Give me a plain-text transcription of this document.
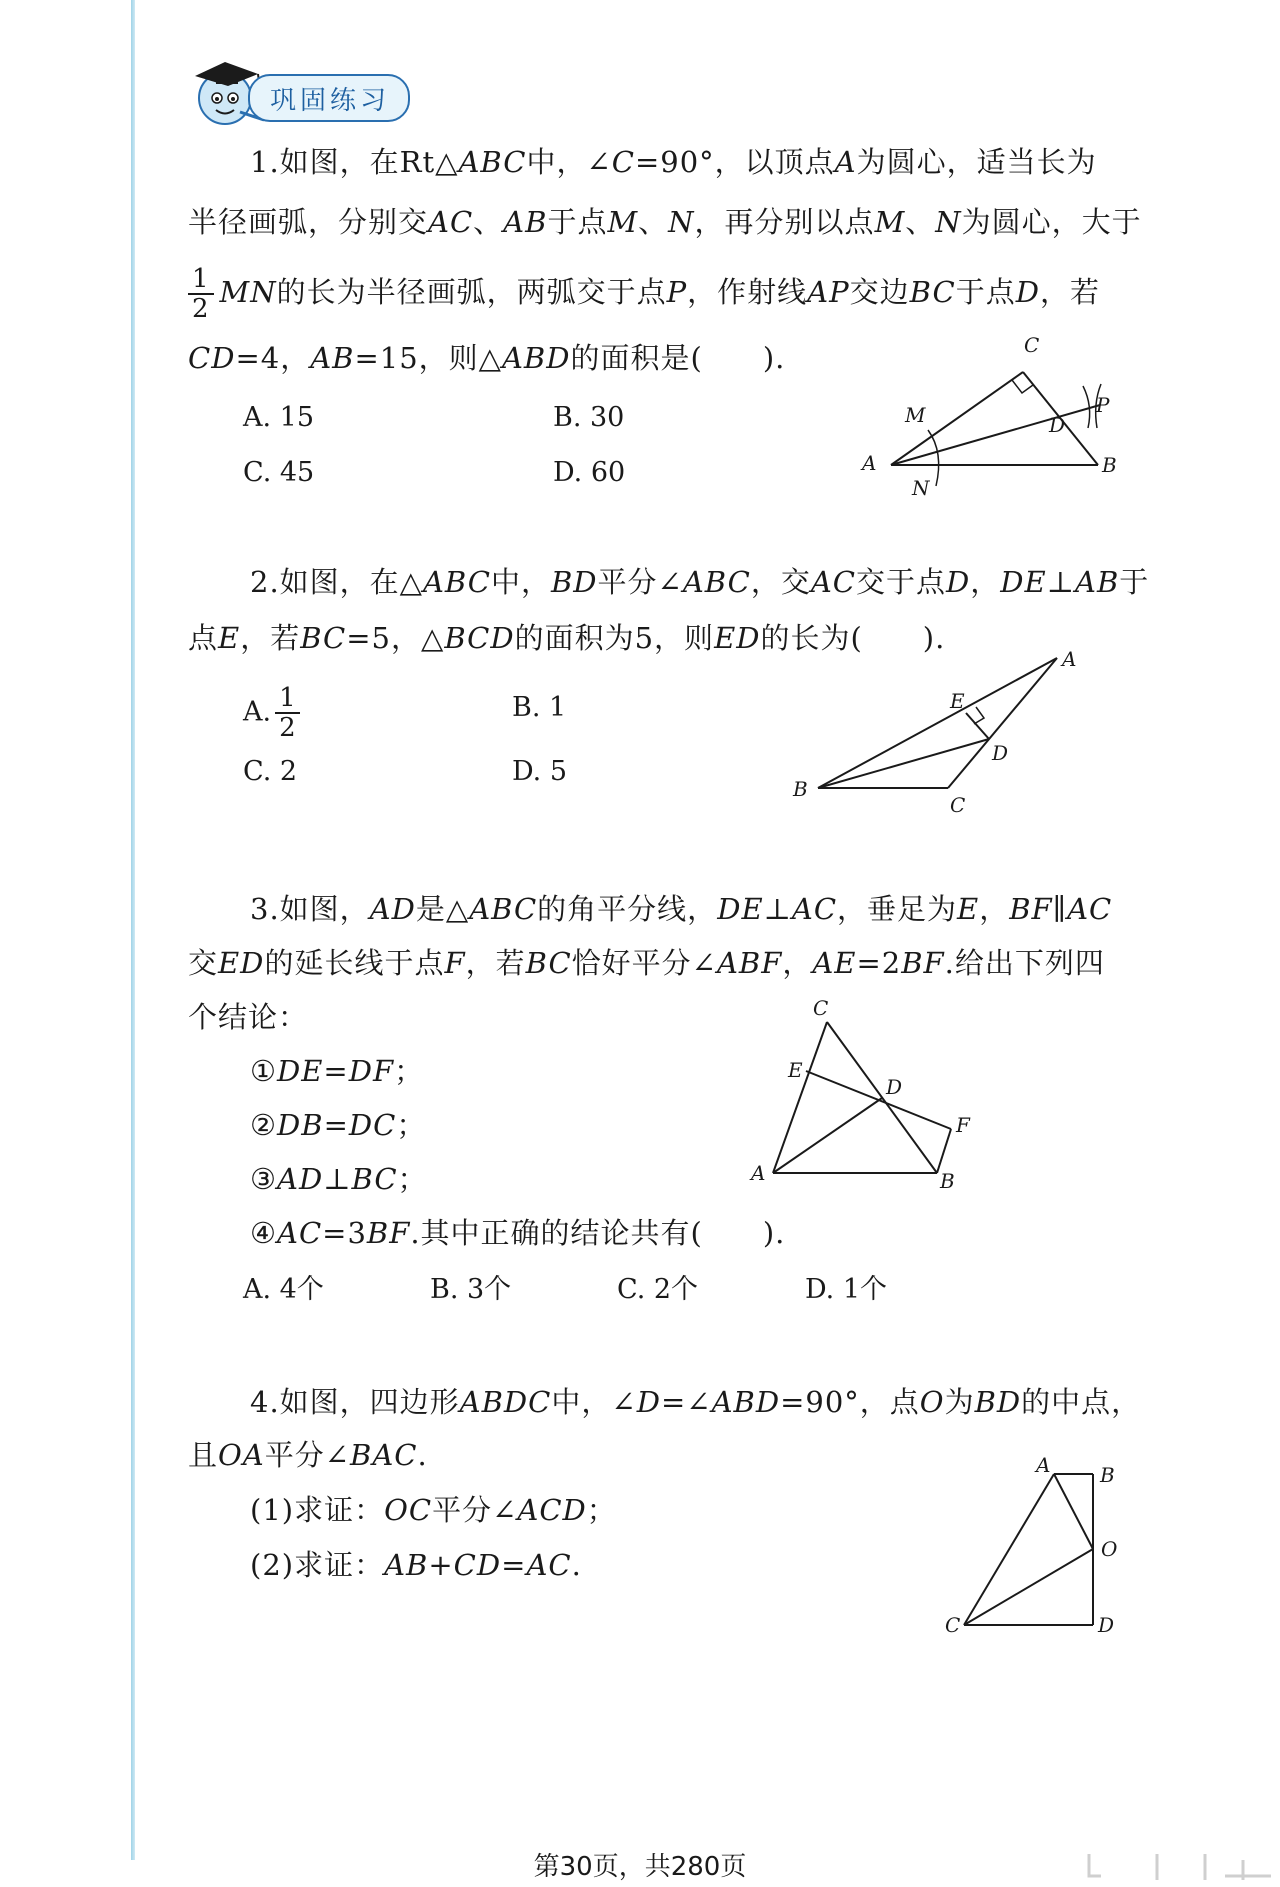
巩固练习
1.如图，在Rt△ABC中，∠C=90°，以顶点A为圆心，适当长为
半径画弧，分别交AC、AB于点M、N，再分别以点M、N为圆心，大于
$\frac{1}{2}$ MN的长为半径画弧，两弧交于点P，作射线AP交边BC于点D，若
CD=4，AB=15，则△ABD的面积是(　　).
A. 15	B. 30
C. 45	D. 60
C
M	P
D
A	B
N
2.如图，在△ABC中，BD平分∠ABC，交AC交于点D，DE⊥AB于
点E，若BC=5，△BCD的面积为5，则ED的长为(　　).
A. $\frac{1}{2}$	B. 1
C. 2	D. 5
A
E
D
B
C
3.如图，AD是△ABC的角平分线，DE⊥AC，垂足为E，BF∥AC
交ED的延长线于点F，若BC恰好平分∠ABF，AE=2BF.给出下列四
个结论：
①DE=DF；
②DB=DC；
③AD⊥BC；
④AC=3BF.其中正确的结论共有(　　).
A. 4个	B. 3个	C. 2个	D. 1个
C
E
D
F
A	B
4.如图，四边形ABDC中，∠D=∠ABD=90°，点O为BD的中点，
且OA平分∠BAC.
(1)求证：OC平分∠ACD；
(2)求证：AB+CD=AC.
A B
O
C	D
第30页，共280页
